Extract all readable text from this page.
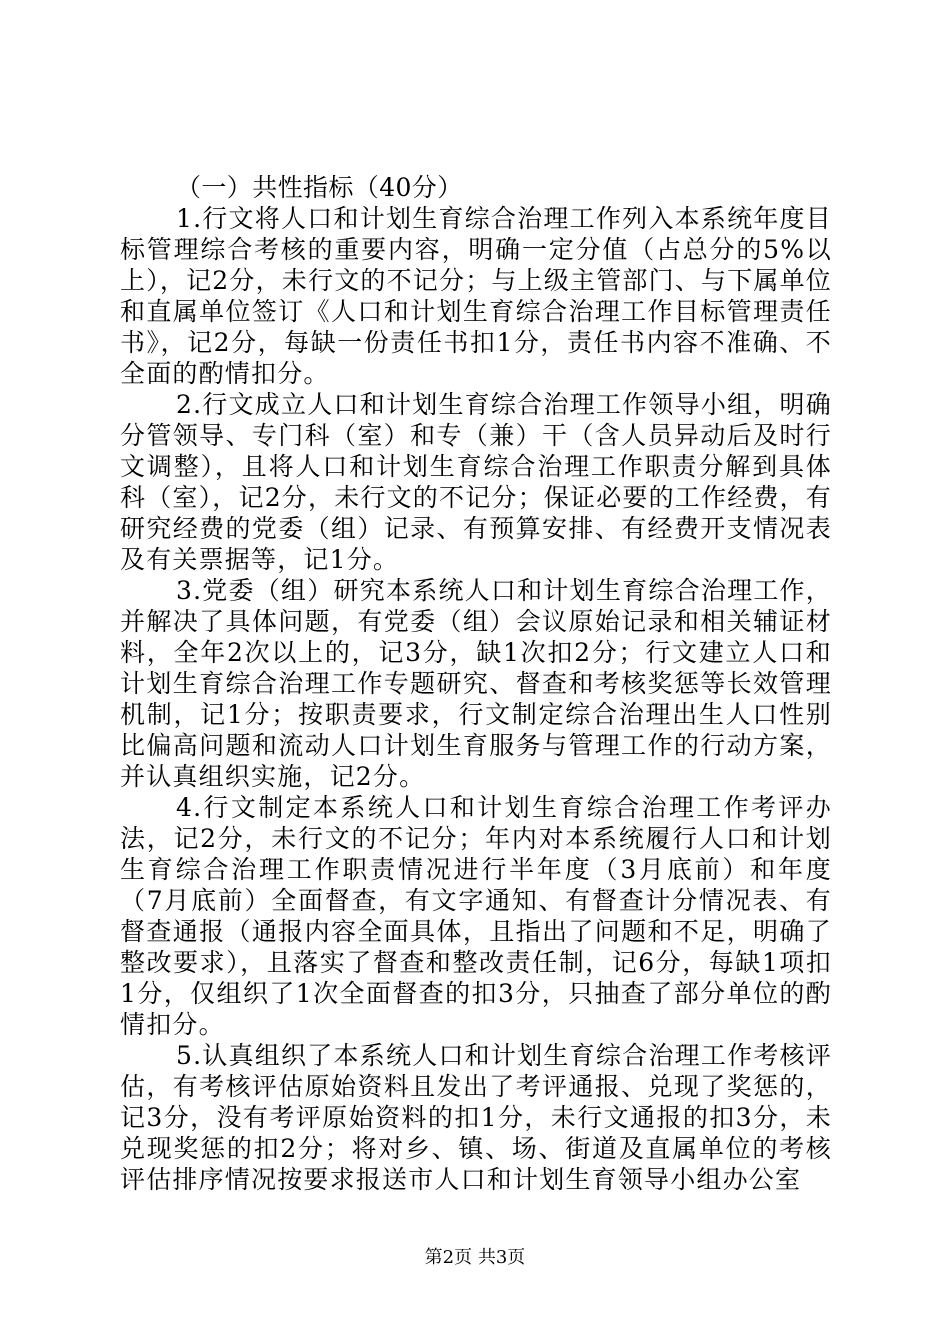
（一）共性指标（40分）

1.行文将人口和计划生育综合治理工作列入本系统年度目标管理综合考核的重要内容，明确一定分值（占总分的5%以上），记2分，未行文的不记分；与上级主管部门、与下属单位和直属单位签订《人口和计划生育综合治理工作目标管理责任书》，记2分，每缺一份责任书扣1分，责任书内容不准确、不全面的酌情扣分。

2.行文成立人口和计划生育综合治理工作领导小组，明确分管领导、专门科（室）和专（兼）干（含人员异动后及时行文调整），且将人口和计划生育综合治理工作职责分解到具体科（室），记2分，未行文的不记分；保证必要的工作经费，有研究经费的党委（组）记录、有预算安排、有经费开支情况表及有关票据等，记1分。

3.党委（组）研究本系统人口和计划生育综合治理工作，并解决了具体问题，有党委（组）会议原始记录和相关辅证材料，全年2次以上的，记3分，缺1次扣2分；行文建立人口和计划生育综合治理工作专题研究、督查和考核奖惩等长效管理机制，记1分；按职责要求，行文制定综合治理出生人口性别比偏高问题和流动人口计划生育服务与管理工作的行动方案，并认真组织实施，记2分。

4.行文制定本系统人口和计划生育综合治理工作考评办法，记2分，未行文的不记分；年内对本系统履行人口和计划生育综合治理工作职责情况进行半年度（3月底前）和年度（7月底前）全面督查，有文字通知、有督查计分情况表、有督查通报（通报内容全面具体，且指出了问题和不足，明确了整改要求），且落实了督查和整改责任制，记6分，每缺1项扣1分，仅组织了1次全面督查的扣3分，只抽查了部分单位的酌情扣分。

5.认真组织了本系统人口和计划生育综合治理工作考核评估，有考核评估原始资料且发出了考评通报、兑现了奖惩的，记3分，没有考评原始资料的扣1分，未行文通报的扣3分，未兑现奖惩的扣2分；将对乡、镇、场、街道及直属单位的考核评估排序情况按要求报送市人口和计划生育领导小组办公室

第2页 共3页
